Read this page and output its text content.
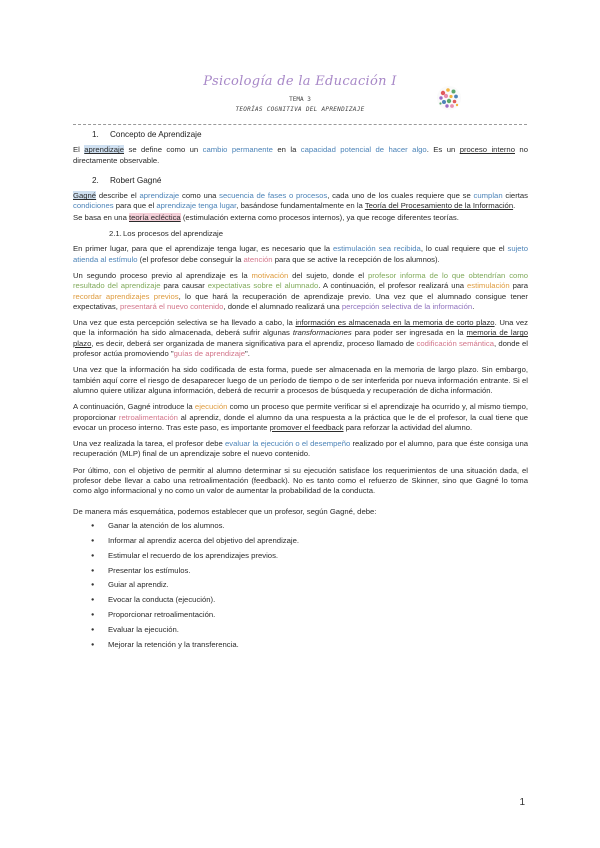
Psicología de la Educación I
TEMA 3
TEORÍAS COGNITIVA DEL APRENDIZAJE
1. Concepto de Aprendizaje

El aprendizaje se define como un cambio permanente en la capacidad potencial de hacer algo. Es un proceso interno no directamente observable.

2. Robert Gagné

Gagné describe el aprendizaje como una secuencia de fases o procesos, cada uno de los cuales requiere que se cumplan ciertas condiciones para que el aprendizaje tenga lugar, basándose fundamentalmente en la Teoría del Procesamiento de la Información.

Se basa en una teoría ecléctica (estimulación externa como procesos internos), ya que recoge diferentes teorías.

2.1.Los procesos del aprendizaje

En primer lugar, para que el aprendizaje tenga lugar, es necesario que la estimulación sea recibida, lo cual requiere que el sujeto atienda al estímulo (el profesor debe conseguir la atención para que se active la recepción de los alumnos).

Un segundo proceso previo al aprendizaje es la motivación del sujeto, donde el profesor informa de lo que obtendrían como resultado del aprendizaje para causar expectativas sobre el alumnado. A continuación, el profesor realizará una estimulación para recordar aprendizajes previos, lo que hará la recuperación de aprendizaje previo. Una vez que el alumnado consigue tener expectativas, presentará el nuevo contenido, donde el alumnado realizará una percepción selectiva de la información.

Una vez que esta percepción selectiva se ha llevado a cabo, la información es almacenada en la memoria de corto plazo. Una vez que la información ha sido almacenada, deberá sufrir algunas transformaciones para poder ser ingresada en la memoria de largo plazo, es decir, deberá ser organizada de manera significativa para el aprendiz, proceso llamado de codificación semántica, donde el profesor actúa promoviendo "guías de aprendizaje".

Una vez que la información ha sido codificada de esta forma, puede ser almacenada en la memoria de largo plazo. Sin embargo, también aquí corre el riesgo de desaparecer luego de un período de tiempo o de ser interferida por nueva información entrante. Si el alumno quiere utilizar alguna información, deberá de recurrir a procesos de búsqueda y recuperación de dicha información.

A continuación, Gagné introduce la ejecución como un proceso que permite verificar si el aprendizaje ha ocurrido y, al mismo tiempo, proporcionar retroalimentación al aprendiz, donde el alumno da una respuesta a la práctica que le de el profesor, la cual tiene que evocar un proceso interno. Tras este paso, es importante promover el feedback para reforzar la actividad del alumno.

Una vez realizada la tarea, el profesor debe evaluar la ejecución o el desempeño realizado por el alumno, para que éste consiga una recuperación (MLP) final de un aprendizaje sobre el nuevo contenido.

Por último, con el objetivo de permitir al alumno determinar si su ejecución satisface los requerimientos de una situación dada, el profesor debe llevar a cabo una retroalimentación (feedback). No es tanto como el refuerzo de Skinner, sino que Gagné lo toma como algo informacional y no como un valor de aumentar la probabilidad de la conducta.

De manera más esquemática, podemos establecer que un profesor, según Gagné, debe:

● Ganar la atención de los alumnos.
● Informar al aprendiz acerca del objetivo del aprendizaje.
● Estimular el recuerdo de los aprendizajes previos.
● Presentar los estímulos.
● Guiar al aprendiz.
● Evocar la conducta (ejecución).
● Proporcionar retroalimentación.
● Evaluar la ejecución.
● Mejorar la retención y la transferencia.
1
